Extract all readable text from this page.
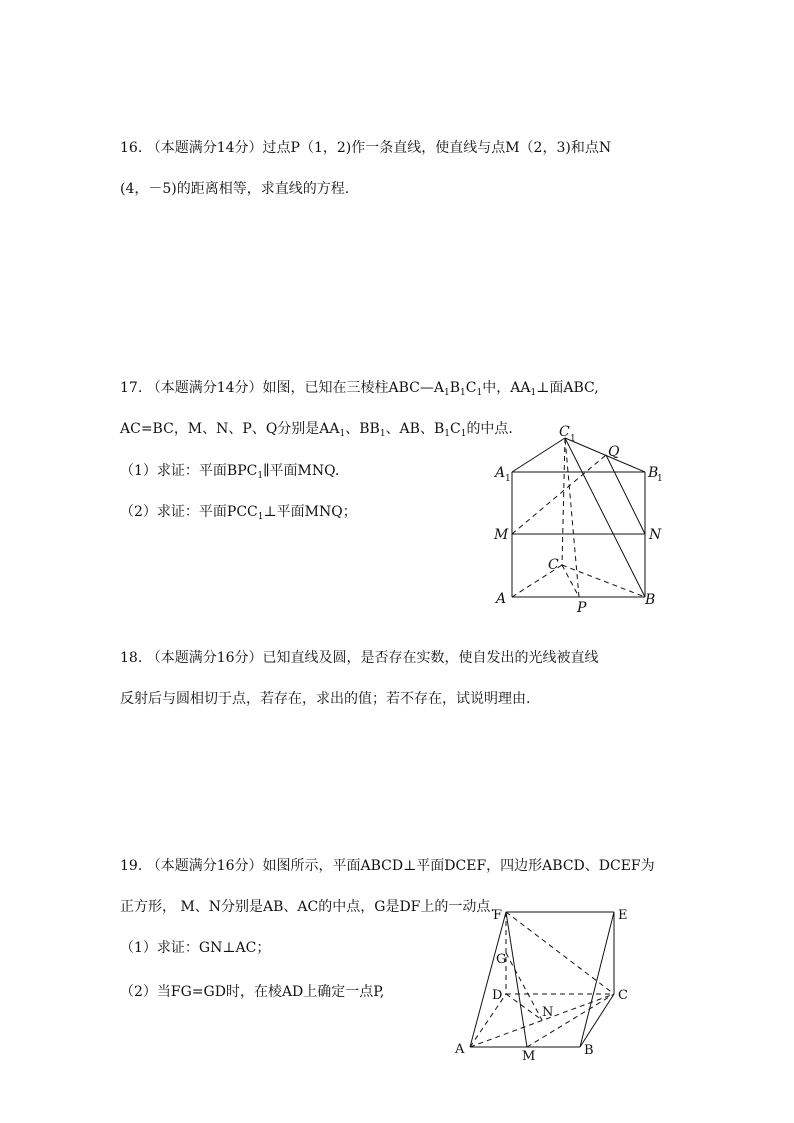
16. （本题满分14分）过点P（1，2)作一条直线，使直线与点M（2，3)和点N
(4，－5)的距离相等，求直线的方程.
17. （本题满分14分）如图，已知在三棱柱$ABC—A_1B_1C_1$中，$AA_1\perp$面ABC,
AC=BC，M、N、P、Q分别是$AA_1$、$BB_1$、AB、$B_1C_1$的中点.
（1）求证：平面$BPC_1\parallel$平面MNQ.
（2）求证：平面$PCC_1\perp$平面MNQ；
C 1
Q
A 1	B
1
M	N
C
A
P	B
F	E
G
D	C
N
A	M	B
18. （本题满分16分）已知直线及圆，是否存在实数，使自发出的光线被直线
反射后与圆相切于点，若存在，求出的值；若不存在，试说明理由.
19. （本题满分16分）如图所示，平面ABCD⊥平面DCEF，四边形ABCD、DCEF为
正方形， M、N分别是AB、AC的中点，G是DF上的一动点.
（1）求证：GN⊥AC；
（2）当FG=GD时，在棱AD上确定一点P,
